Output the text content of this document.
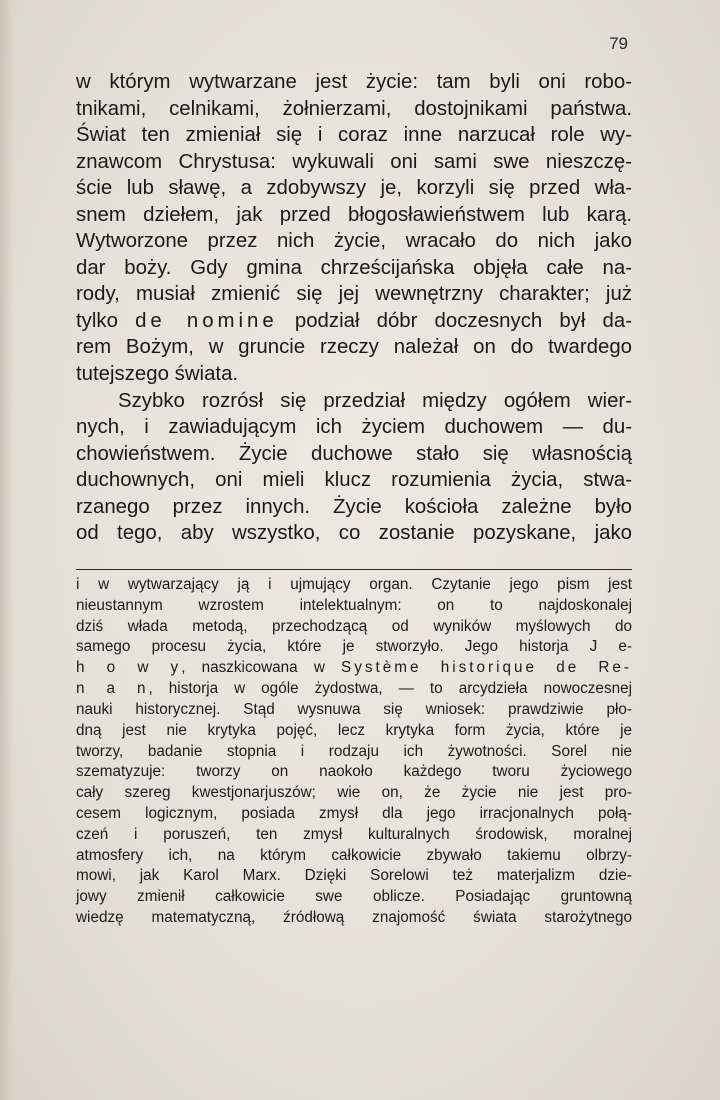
79
w którym wytwarzane jest życie: tam byli oni robo-
tnikami, celnikami, żołnierzami, dostojnikami państwa.
Świat ten zmieniał się i coraz inne narzucał role wy-
znawcom Chrystusa: wykuwali oni sami swe nieszczę-
ście lub sławę, a zdobywszy je, korzyli się przed wła-
snem dziełem, jak przed błogosławieństwem lub karą.
Wytworzone przez nich życie, wracało do nich jako
dar boży. Gdy gmina chrześcijańska objęła całe na-
rody, musiał zmienić się jej wewnętrzny charakter; już
tylko de nomine podział dóbr doczesnych był da-
rem Bożym, w gruncie rzeczy należał on do twardego
tutejszego świata.
Szybko rozrósł się przedział między ogółem wier-
nych, i zawiadującym ich życiem duchowem — du-
chowieństwem. Życie duchowe stało się własnością
duchownych, oni mieli klucz rozumienia życia, stwa-
rzanego przez innych. Życie kościoła zależne było
od tego, aby wszystko, co zostanie pozyskane, jako
i w wytwarzający ją i ujmujący organ. Czytanie jego pism jest
nieustannym wzrostem intelektualnym: on to najdoskonalej
dziś włada metodą, przechodzącą od wyników myślowych do
samego procesu życia, które je stworzyło. Jego historja J e-
h o w y, naszkicowana w Système historique de Re-
n a n, historja w ogóle żydostwa, — to arcydzieła nowoczesnej
nauki historycznej. Stąd wysnuwa się wniosek: prawdziwie pło-
dną jest nie krytyka pojęć, lecz krytyka form życia, które je
tworzy, badanie stopnia i rodzaju ich żywotności. Sorel nie
szematyzuje: tworzy on naokoło każdego tworu życiowego
cały szereg kwestjonarjuszów; wie on, że życie nie jest pro-
cesem logicznym, posiada zmysł dla jego irracjonalnych połą-
czeń i poruszeń, ten zmysł kulturalnych środowisk, moralnej
atmosfery ich, na którym całkowicie zbywało takiemu olbrzy-
mowi, jak Karol Marx. Dzięki Sorelowi też materjalizm dzie-
jowy zmienił całkowicie swe oblicze. Posiadając gruntowną
wiedzę matematyczną, źródłową znajomość świata starożytnego
